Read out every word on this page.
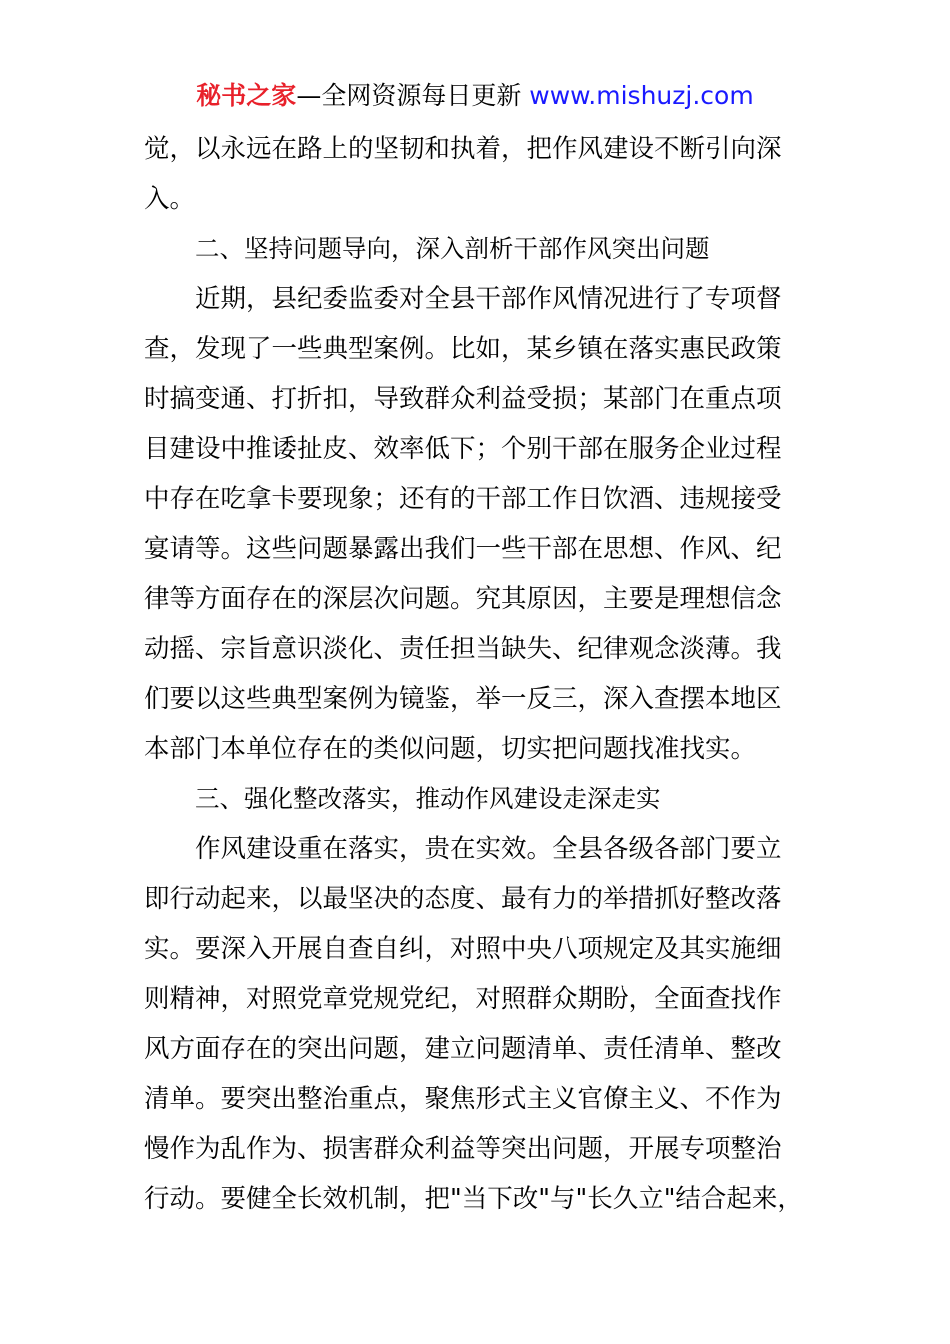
秘书之家—全网资源每日更新 www.mishuzj.com
觉，以永远在路上的坚韧和执着，把作风建设不断引向深
入。
二、坚持问题导向，深入剖析干部作风突出问题
近期，县纪委监委对全县干部作风情况进行了专项督
查，发现了一些典型案例。比如，某乡镇在落实惠民政策
时搞变通、打折扣，导致群众利益受损；某部门在重点项
目建设中推诿扯皮、效率低下；个别干部在服务企业过程
中存在吃拿卡要现象；还有的干部工作日饮酒、违规接受
宴请等。这些问题暴露出我们一些干部在思想、作风、纪
律等方面存在的深层次问题。究其原因，主要是理想信念
动摇、宗旨意识淡化、责任担当缺失、纪律观念淡薄。我
们要以这些典型案例为镜鉴，举一反三，深入查摆本地区
本部门本单位存在的类似问题，切实把问题找准找实。
三、强化整改落实，推动作风建设走深走实
作风建设重在落实，贵在实效。全县各级各部门要立
即行动起来，以最坚决的态度、最有力的举措抓好整改落
实。要深入开展自查自纠，对照中央八项规定及其实施细
则精神，对照党章党规党纪，对照群众期盼，全面查找作
风方面存在的突出问题，建立问题清单、责任清单、整改
清单。要突出整治重点，聚焦形式主义官僚主义、不作为
慢作为乱作为、损害群众利益等突出问题，开展专项整治
行动。要健全长效机制，把"当下改"与"长久立"结合起来，
